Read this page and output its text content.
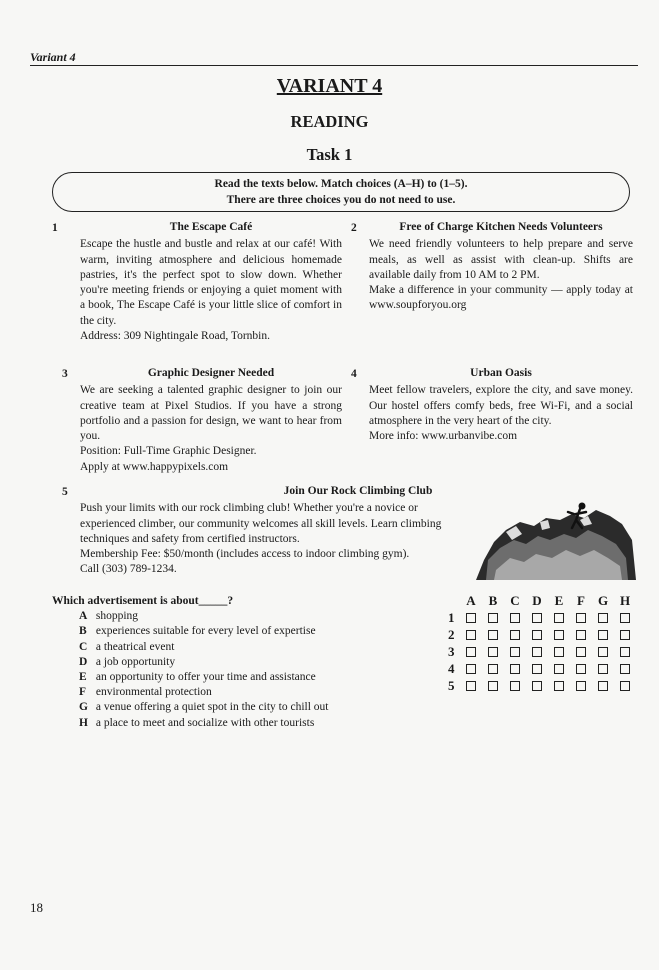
Variant 4
VARIANT 4
READING
Task 1
Read the texts below. Match choices (A–H) to (1–5).
There are three choices you do not need to use.
1	The Escape Café
Escape the hustle and bustle and relax at our café! With warm, inviting atmosphere and delicious homemade pastries, it's the perfect spot to slow down. Whether you're meeting friends or enjoying a quiet moment with a book, The Escape Café is your little slice of comfort in the city.
Address: 309 Nightingale Road, Tornbin.
2	Free of Charge Kitchen Needs Volunteers
We need friendly volunteers to help prepare and serve meals, as well as assist with clean-up. Shifts are available daily from 10 AM to 2 PM.
Make a difference in your community — apply today at www.soupforyou.org
3	Graphic Designer Needed
We are seeking a talented graphic designer to join our creative team at Pixel Studios. If you have a strong portfolio and a passion for design, we want to hear from you.
Position: Full-Time Graphic Designer.
Apply at www.happypixels.com
4	Urban Oasis
Meet fellow travelers, explore the city, and save money. Our hostel offers comfy beds, free Wi-Fi, and a social atmosphere in the very heart of the city.
More info: www.urbanvibe.com
5	Join Our Rock Climbing Club
Push your limits with our rock climbing club! Whether you're a novice or experienced climber, our community welcomes all skill levels. Learn climbing techniques and safety from certified instructors.
Membership Fee: $50/month (includes access to indoor climbing gym).
Call (303) 789-1234.
Which advertisement is about_____?
A shopping
B experiences suitable for every level of expertise
C a theatrical event
D a job opportunity
E an opportunity to offer your time and assistance
F environmental protection
G a venue offering a quiet spot in the city to chill out
H a place to meet and socialize with other tourists
A B C D E	F G H
1
2
3
4
5
18
